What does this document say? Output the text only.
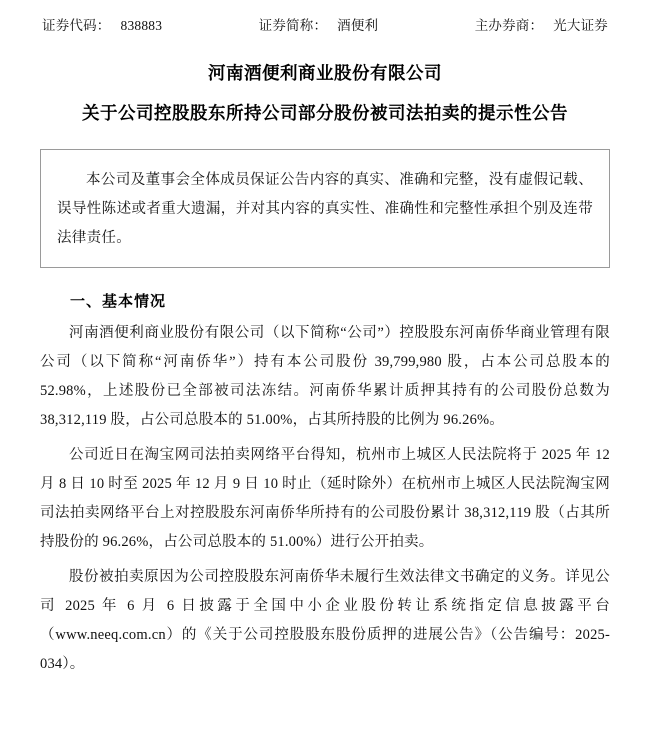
证券代码： 838883	证券简称： 酒便利	主办券商： 光大证券
河南酒便利商业股份有限公司
关于公司控股股东所持公司部分股份被司法拍卖的提示性公告
本公司及董事会全体成员保证公告内容的真实、准确和完整，没有虚假记载、误导性陈述或者重大遗漏，并对其内容的真实性、准确性和完整性承担个别及连带法律责任。
一、基本情况
河南酒便利商业股份有限公司（以下简称“公司”）控股股东河南侨华商业管理有限公司（以下简称“河南侨华”）持有本公司股份 39,799,980 股，占本公司总股本的 52.98%，上述股份已全部被司法冻结。河南侨华累计质押其持有的公司股份总数为 38,312,119 股，占公司总股本的 51.00%，占其所持股的比例为 96.26%。
公司近日在淘宝网司法拍卖网络平台得知，杭州市上城区人民法院将于 2025 年 12 月 8 日 10 时至 2025 年 12 月 9 日 10 时止（延时除外）在杭州市上城区人民法院淘宝网司法拍卖网络平台上对控股股东河南侨华所持有的公司股份累计 38,312,119 股（占其所持股份的 96.26%，占公司总股本的 51.00%）进行公开拍卖。
股份被拍卖原因为公司控股股东河南侨华未履行生效法律文书确定的义务。详见公司 2025 年 6 月 6 日披露于全国中小企业股份转让系统指定信息披露平台（www.neeq.com.cn）的《关于公司控股股东股份质押的进展公告》（公告编号：2025-034）。
